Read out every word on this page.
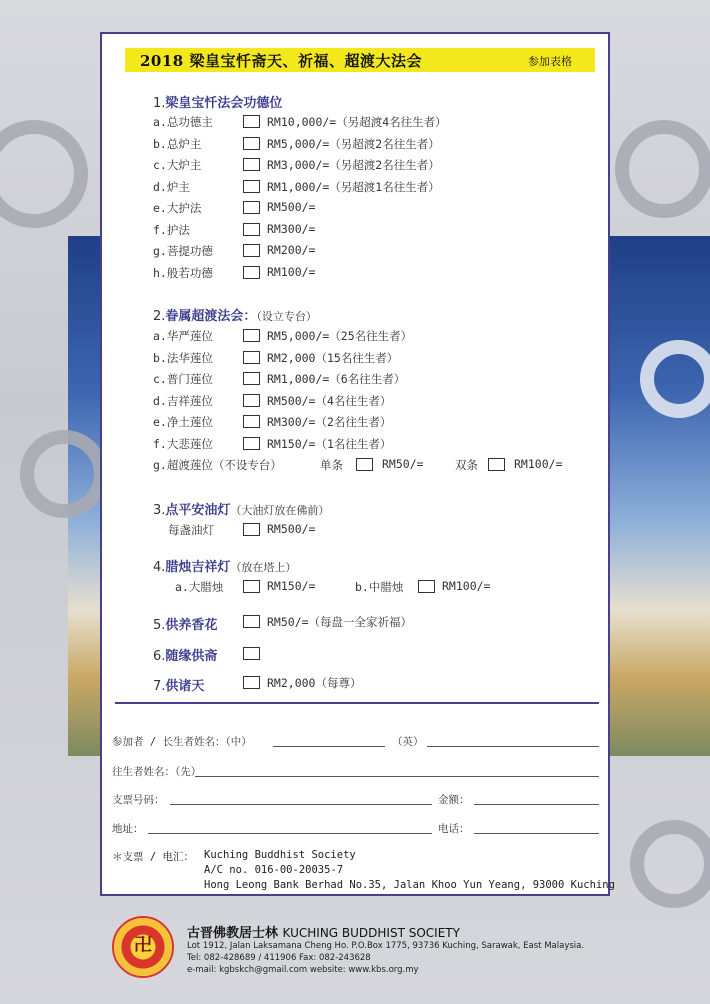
2018 梁皇宝忏斋天、祈福、超渡大法会	参加表格
1.梁皇宝忏法会功德位
a.总功德主	RM10,000/=（另超渡4名往生者）
b.总炉主	RM5,000/=（另超渡2名往生者）
c.大炉主	RM3,000/=（另超渡2名往生者）
d.炉主	RM1,000/=（另超渡1名往生者）
e.大护法	RM500/=
f.护法	RM300/=
g.菩提功德	RM200/=
h.般若功德	RM100/=
2.眷属超渡法会：（设立专台）
a.华严莲位	RM5,000/=（25名往生者）
b.法华莲位	RM2,000（15名往生者）
c.普门莲位	RM1,000/=（6名往生者）
d.吉祥莲位	RM500/=（4名往生者）
e.净土莲位	RM300/=（2名往生者）
f.大悲莲位	RM150/=（1名往生者）
g.超渡莲位（不设专台）	单条	RM50/=	双条	RM100/=
3.点平安油灯（大油灯放在佛前）
每盏油灯	RM500/=
4.腊烛吉祥灯（放在塔上）
a.大腊烛	RM150/=	b.中腊烛	RM100/=
5.供养香花	RM50/=（每盘一全家祈福）
6.随缘供斋
7.供诸天	RM2,000（每尊）
参加者 / 长生者姓名：（中）	（英）
往生者姓名：（先）
支票号码：	金额：
地址：	电话：
＊支票 / 电汇： Kuching Buddhist Society
A/C no. 016-00-20035-7
Hong Leong Bank Berhad No.35, Jalan Khoo Yun Yeang, 93000 Kuching
卍
古晋佛教居士林 KUCHING BUDDHIST SOCIETY
Lot 1912, Jalan Laksamana Cheng Ho. P.O.Box 1775, 93736 Kuching, Sarawak, East Malaysia.
Tel: 082-428689 / 411906 Fax: 082-243628
e-mail: kgbskch@gmail.com website: www.kbs.org.my
